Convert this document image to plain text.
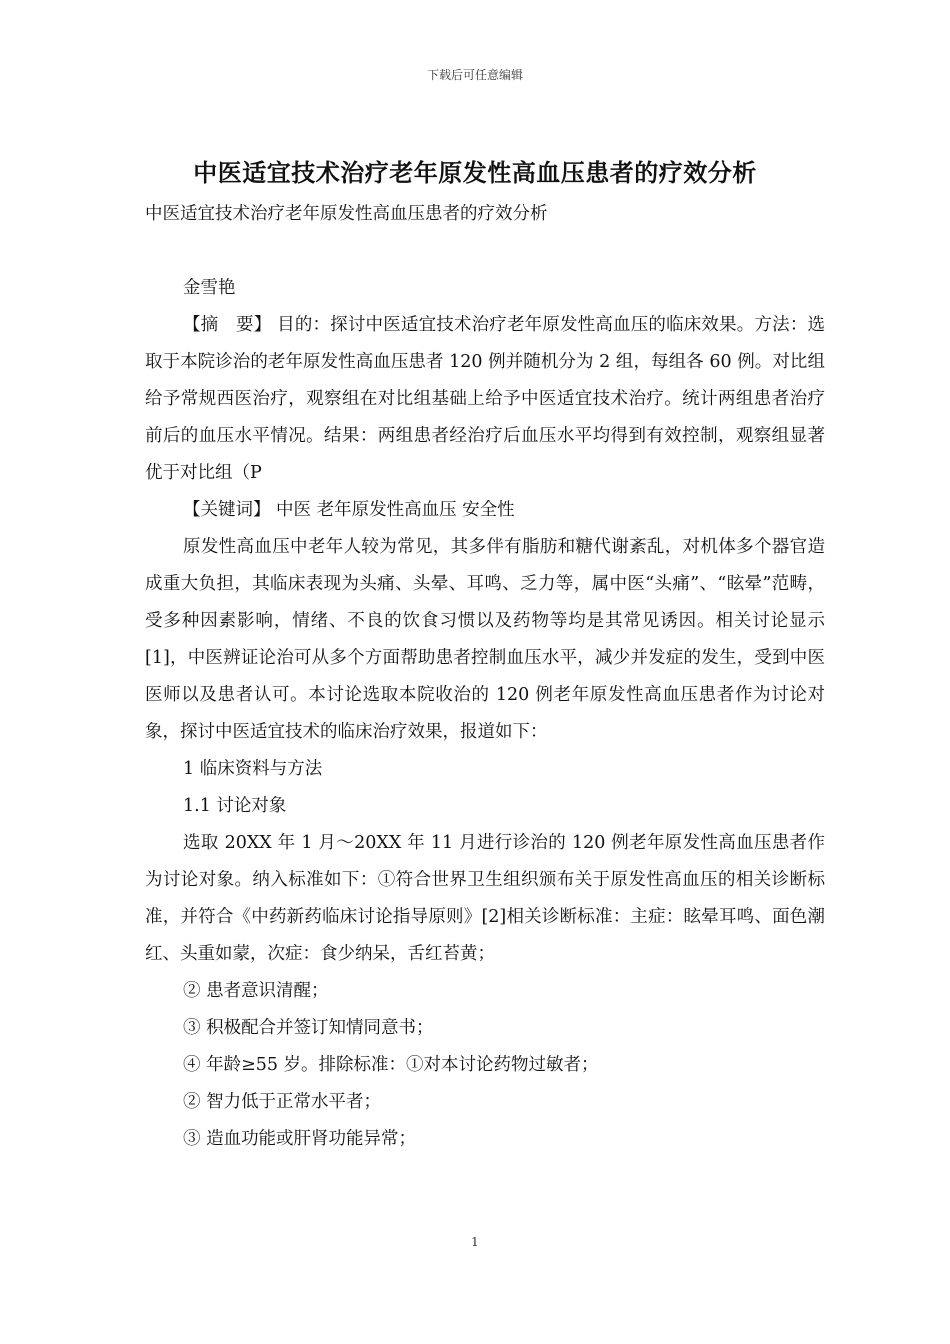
下载后可任意编辑
中医适宜技术治疗老年原发性高血压患者的疗效分析
中医适宜技术治疗老年原发性高血压患者的疗效分析
金雪艳

【摘　要】 目的：探讨中医适宜技术治疗老年原发性高血压的临床效果。方法：选取于本院诊治的老年原发性高血压患者 120 例并随机分为 2 组，每组各 60 例。对比组给予常规西医治疗，观察组在对比组基础上给予中医适宜技术治疗。统计两组患者治疗前后的血压水平情况。结果：两组患者经治疗后血压水平均得到有效控制，观察组显著优于对比组（P

【关键词】 中医 老年原发性高血压 安全性

原发性高血压中老年人较为常见，其多伴有脂肪和糖代谢紊乱，对机体多个器官造成重大负担，其临床表现为头痛、头晕、耳鸣、乏力等，属中医“头痛”、“眩晕”范畴，受多种因素影响，情绪、不良的饮食习惯以及药物等均是其常见诱因。相关讨论显示[1]，中医辨证论治可从多个方面帮助患者控制血压水平，减少并发症的发生，受到中医医师以及患者认可。本讨论选取本院收治的 120 例老年原发性高血压患者作为讨论对象，探讨中医适宜技术的临床治疗效果，报道如下：

1 临床资料与方法
1.1 讨论对象

选取 20XX 年 1 月～20XX 年 11 月进行诊治的 120 例老年原发性高血压患者作为讨论对象。纳入标准如下：①符合世界卫生组织颁布关于原发性高血压的相关诊断标准，并符合《中药新药临床讨论指导原则》[2]相关诊断标准：主症：眩晕耳鸣、面色潮红、头重如蒙，次症：食少纳呆，舌红苔黄；

② 患者意识清醒；
③ 积极配合并签订知情同意书；
④ 年龄≥55 岁。排除标准：①对本讨论药物过敏者；
② 智力低于正常水平者；
③ 造血功能或肝肾功能异常；
1
